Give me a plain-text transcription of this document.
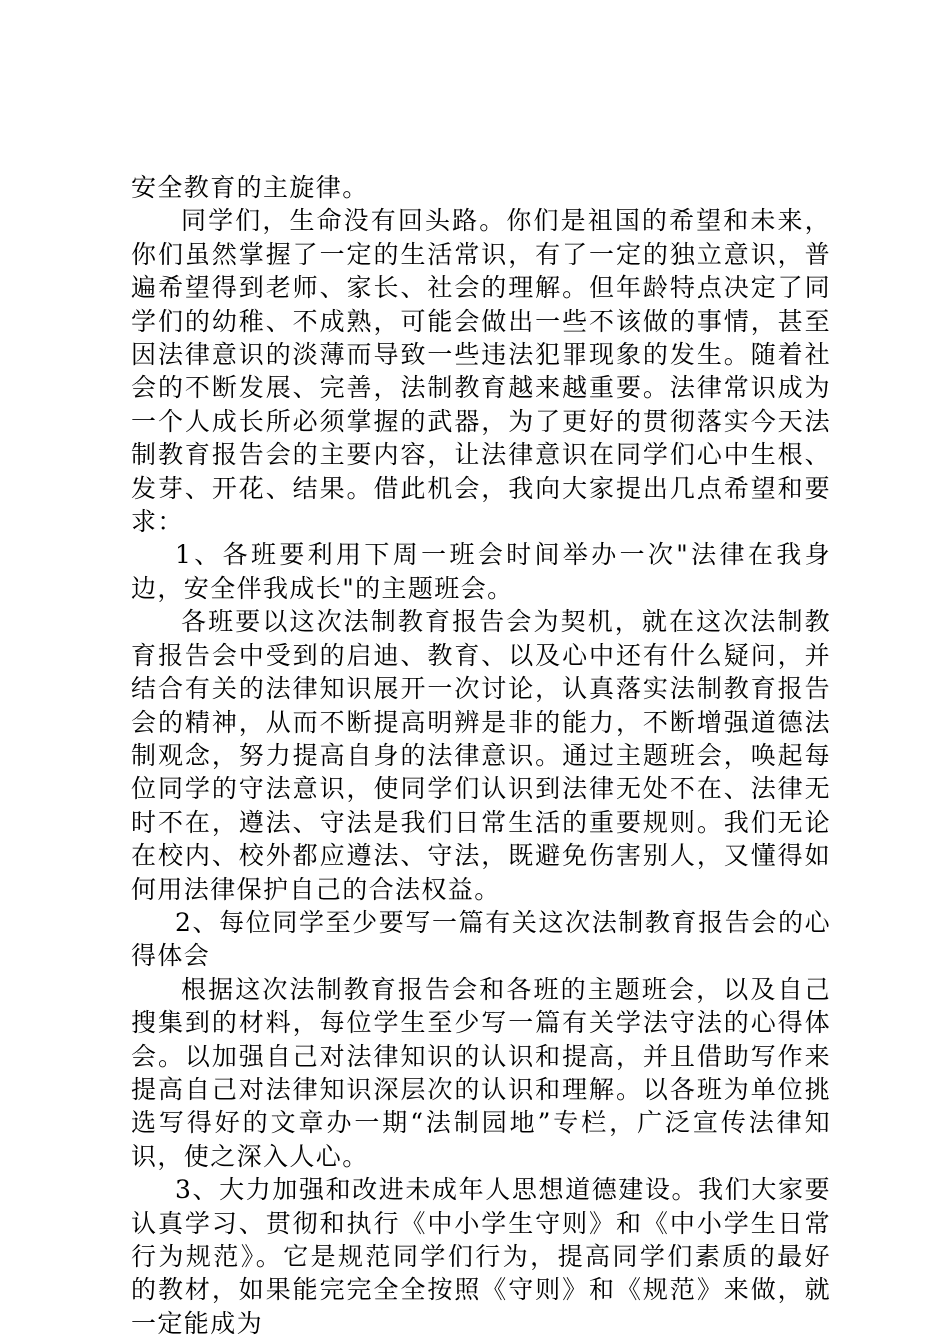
安全教育的主旋律。

同学们，生命没有回头路。你们是祖国的希望和未来，你们虽然掌握了一定的生活常识，有了一定的独立意识，普遍希望得到老师、家长、社会的理解。但年龄特点决定了同学们的幼稚、不成熟，可能会做出一些不该做的事情，甚至因法律意识的淡薄而导致一些违法犯罪现象的发生。随着社会的不断发展、完善，法制教育越来越重要。法律常识成为一个人成长所必须掌握的武器，为了更好的贯彻落实今天法制教育报告会的主要内容，让法律意识在同学们心中生根、发芽、开花、结果。借此机会，我向大家提出几点希望和要求：

1、各班要利用下周一班会时间举办一次"法律在我身边，安全伴我成长"的主题班会。

各班要以这次法制教育报告会为契机，就在这次法制教育报告会中受到的启迪、教育、以及心中还有什么疑问，并结合有关的法律知识展开一次讨论，认真落实法制教育报告会的精神，从而不断提高明辨是非的能力，不断增强道德法制观念，努力提高自身的法律意识。通过主题班会，唤起每位同学的守法意识，使同学们认识到法律无处不在、法律无时不在，遵法、守法是我们日常生活的重要规则。我们无论在校内、校外都应遵法、守法，既避免伤害别人，又懂得如何用法律保护自己的合法权益。

2、每位同学至少要写一篇有关这次法制教育报告会的心得体会

根据这次法制教育报告会和各班的主题班会，以及自己搜集到的材料，每位学生至少写一篇有关学法守法的心得体会。以加强自己对法律知识的认识和提高，并且借助写作来提高自己对法律知识深层次的认识和理解。以各班为单位挑选写得好的文章办一期“法制园地”专栏，广泛宣传法律知识，使之深入人心。

3、大力加强和改进未成年人思想道德建设。我们大家要认真学习、贯彻和执行《中小学生守则》和《中小学生日常行为规范》。它是规范同学们行为，提高同学们素质的最好的教材，如果能完完全全按照《守则》和《规范》来做，就一定能成为
